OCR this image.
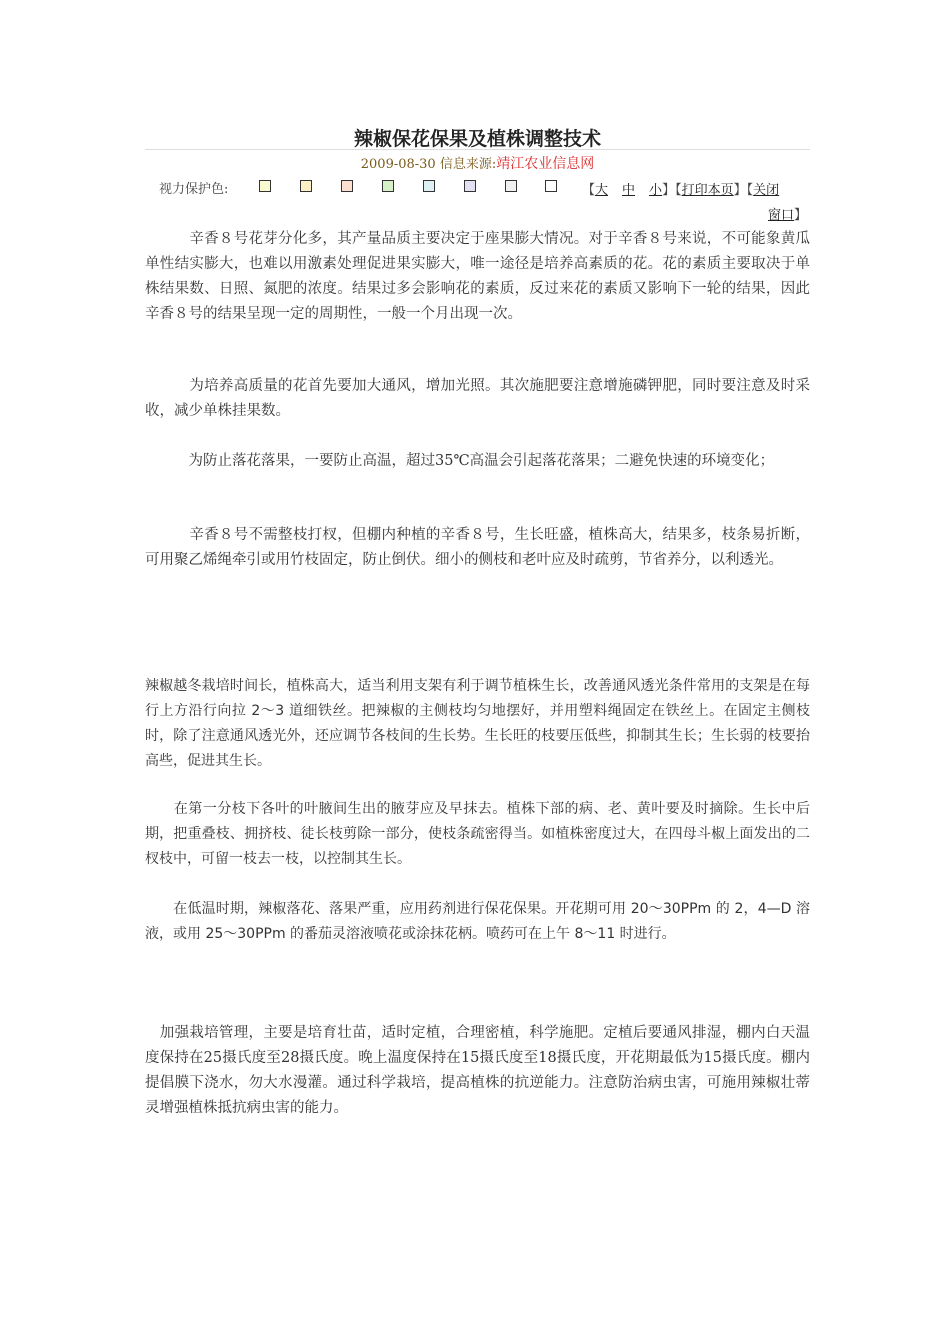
辣椒保花保果及植株调整技术
2009-08-30 信息来源:靖江农业信息网
视力保护色:	【大 中 小】【打印本页】【关闭
窗口】

　　　辛香８号花芽分化多，其产量品质主要决定于座果膨大情况。对于辛香８号来说，不可能象黄瓜单性结实膨大，也难以用激素处理促进果实膨大，唯一途径是培养高素质的花。花的素质主要取决于单株结果数、日照、氮肥的浓度。结果过多会影响花的素质，反过来花的素质又影响下一轮的结果，因此辛香８号的结果呈现一定的周期性，一般一个月出现一次。

　　　为培养高质量的花首先要加大通风，增加光照。其次施肥要注意增施磷钾肥，同时要注意及时采收，减少单株挂果数。

　　　为防止落花落果，一要防止高温，超过35℃高温会引起落花落果；二避免快速的环境变化；

　　　辛香８号不需整枝打杈，但棚内种植的辛香８号，生长旺盛，植株高大，结果多，枝条易折断，可用聚乙烯绳牵引或用竹枝固定，防止倒伏。细小的侧枝和老叶应及时疏剪，节省养分，以利透光。

辣椒越冬栽培时间长，植株高大，适当利用支架有利于调节植株生长，改善通风透光条件常用的支架是在每行上方沿行向拉 2～3 道细铁丝。把辣椒的主侧枝均匀地摆好，并用塑料绳固定在铁丝上。在固定主侧枝时，除了注意通风透光外，还应调节各枝间的生长势。生长旺的枝要压低些，抑制其生长；生长弱的枝要抬高些，促进其生长。

　　在第一分枝下各叶的叶腋间生出的腋芽应及早抹去。植株下部的病、老、黄叶要及时摘除。生长中后期，把重叠枝、拥挤枝、徒长枝剪除一部分，使枝条疏密得当。如植株密度过大，在四母斗椒上面发出的二杈枝中，可留一枝去一枝，以控制其生长。

　　在低温时期，辣椒落花、落果严重，应用药剂进行保花保果。开花期可用 20～30PPm 的 2，4—D 溶液，或用 25～30PPm 的番茄灵溶液喷花或涂抹花柄。喷药可在上午 8～11 时进行。

　加强栽培管理，主要是培育壮苗，适时定植，合理密植，科学施肥。定植后要通风排湿，棚内白天温度保持在25摄氏度至28摄氏度。晚上温度保持在15摄氏度至18摄氏度，开花期最低为15摄氏度。棚内提倡膜下浇水，勿大水漫灌。通过科学栽培，提高植株的抗逆能力。注意防治病虫害，可施用辣椒壮蒂灵增强植株抵抗病虫害的能力。
